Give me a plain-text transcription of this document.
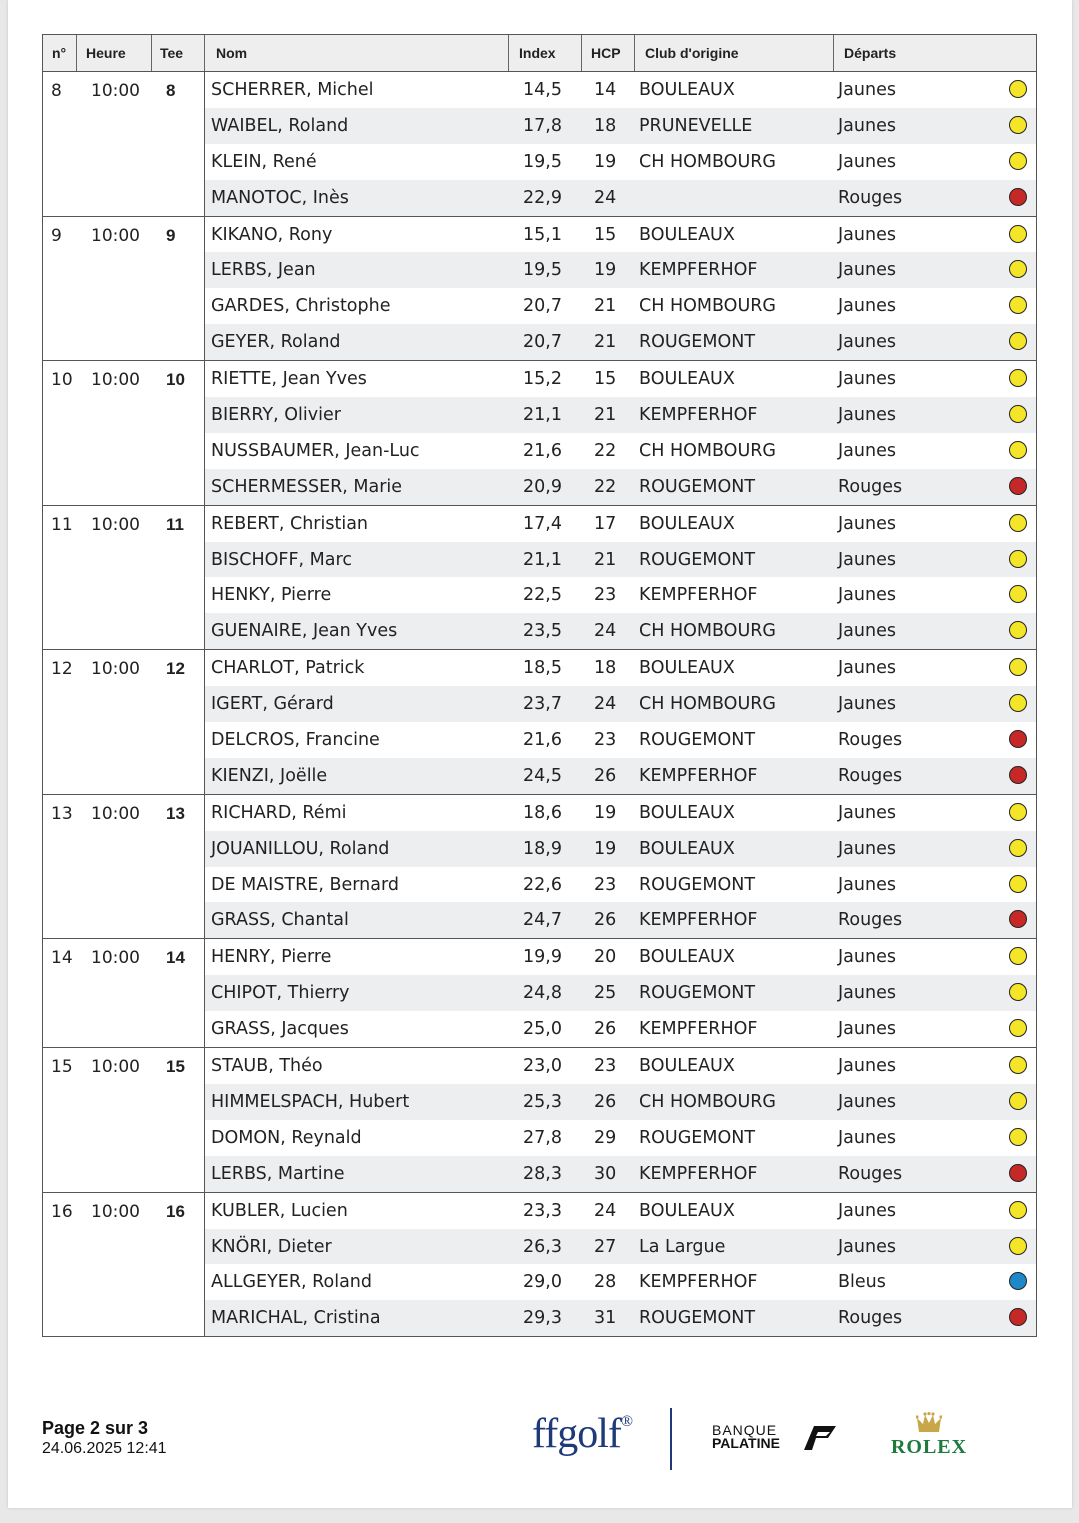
n° Heure Tee Nom	Index	HCP Club d'origine	Départs
8 10:00 8 SCHERRER, Michel	14,5 14 BOULEAUX	Jaunes
WAIBEL, Roland	17,8 18 PRUNEVELLE	Jaunes
KLEIN, René	19,5 19 CH HOMBOURG	Jaunes
MANOTOC, Inès	22,9 24	Rouges
9 10:00 9 KIKANO, Rony	15,1 15 BOULEAUX	Jaunes
LERBS, Jean	19,5 19 KEMPFERHOF	Jaunes
GARDES, Christophe	20,7 21 CH HOMBOURG	Jaunes
GEYER, Roland	20,7 21 ROUGEMONT	Jaunes
10 10:00 10 RIETTE, Jean Yves	15,2 15 BOULEAUX	Jaunes
BIERRY, Olivier	21,1 21 KEMPFERHOF	Jaunes
NUSSBAUMER, Jean-Luc	21,6 22 CH HOMBOURG	Jaunes
SCHERMESSER, Marie	20,9 22 ROUGEMONT	Rouges
11 10:00 11 REBERT, Christian	17,4 17 BOULEAUX	Jaunes
BISCHOFF, Marc	21,1 21 ROUGEMONT	Jaunes
HENKY, Pierre	22,5 23 KEMPFERHOF	Jaunes
GUENAIRE, Jean Yves	23,5 24 CH HOMBOURG	Jaunes
12 10:00 12 CHARLOT, Patrick	18,5 18 BOULEAUX	Jaunes
IGERT, Gérard	23,7 24 CH HOMBOURG	Jaunes
DELCROS, Francine	21,6 23 ROUGEMONT	Rouges
KIENZI, Joëlle	24,5 26 KEMPFERHOF	Rouges
13 10:00 13 RICHARD, Rémi	18,6 19 BOULEAUX	Jaunes
JOUANILLOU, Roland	18,9 19 BOULEAUX	Jaunes
DE MAISTRE, Bernard	22,6 23 ROUGEMONT	Jaunes
GRASS, Chantal	24,7 26 KEMPFERHOF	Rouges
14 10:00 14 HENRY, Pierre	19,9 20 BOULEAUX	Jaunes
CHIPOT, Thierry	24,8 25 ROUGEMONT	Jaunes
GRASS, Jacques	25,0 26 KEMPFERHOF	Jaunes
15 10:00 15 STAUB, Théo	23,0 23 BOULEAUX	Jaunes
HIMMELSPACH, Hubert	25,3 26 CH HOMBOURG	Jaunes
DOMON, Reynald	27,8 29 ROUGEMONT	Jaunes
LERBS, Martine	28,3 30 KEMPFERHOF	Rouges
16 10:00 16 KUBLER, Lucien	23,3 24 BOULEAUX	Jaunes
KNÖRI, Dieter	26,3 27 La Largue	Jaunes
ALLGEYER, Roland	29,0 28 KEMPFERHOF	Bleus
MARICHAL, Cristina	29,3 31 ROUGEMONT	Rouges
Page 2 sur 3
24.06.2025 12:41	ffgolf®	BANQUE
PALATINE	ROLEX
